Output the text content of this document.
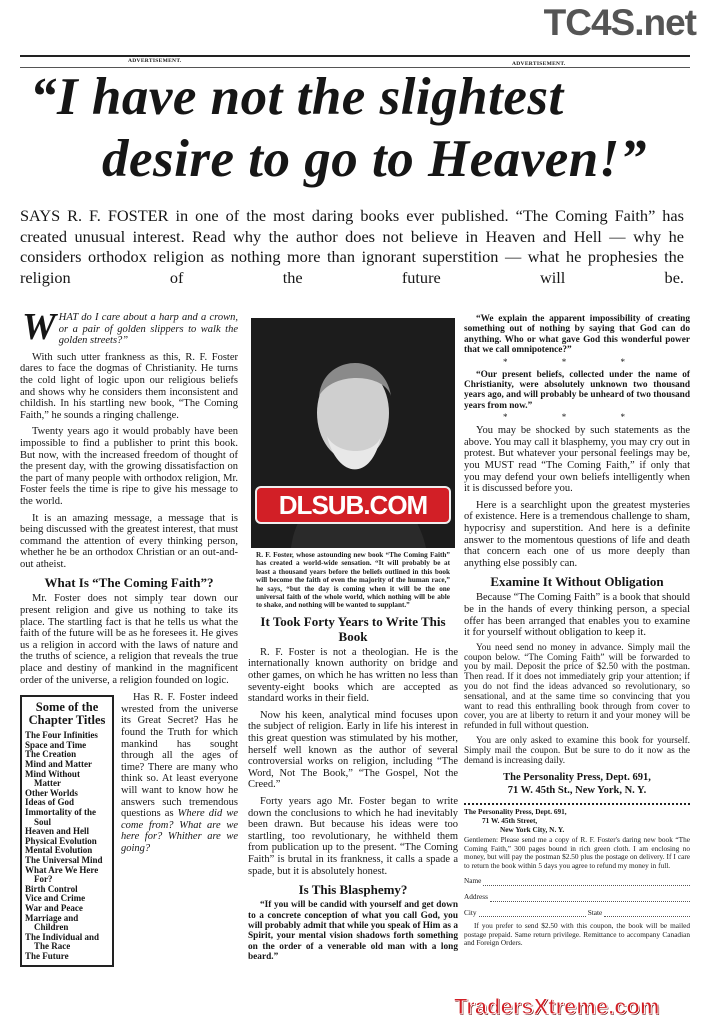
ADVERTISEMENT.	ADVERTISEMENT.
“I have not the slightest
desire to go to Heaven!”
SAYS R. F. FOSTER in one of the most daring books ever published. “The Coming Faith” has created unusual interest. Read why the author does not believe in Heaven and Hell — why he considers orthodox religion as nothing more than ignorant superstition — what he prophesies the religion of the future will be.

WHAT do I care about a harp and a crown, or a pair of golden slippers to walk the golden streets?”

With such utter frankness as this, R. F. Foster dares to face the dogmas of Christianity. He turns the cold light of logic upon our religious beliefs and shows why he considers them inconsistent and childish. In his startling new book, “The Coming Faith,” he sounds a ringing challenge.

Twenty years ago it would probably have been impossible to find a publisher to print this book. But now, with the increased freedom of thought of the present day, with the growing dissatisfaction on the part of many people with orthodox religion, Mr. Foster feels the time is ripe to give his message to the world.

It is an amazing message, a message that is being discussed with the greatest interest, that must command the attention of every thinking person, whether he be an orthodox Christian or an out-and-out atheist.

What Is “The Coming Faith”?

Mr. Foster does not simply tear down our present religion and give us nothing to take its place. The startling fact is that he tells us what the faith of the future will be as he foresees it. He gives us a religion in accord with the laws of nature and the truths of science, a religion that reveals the true place and destiny of mankind in the magnificent order of the universe, a religion founded on logic.

Some of the Chapter Titles
The Four Infinities
Space and Time
The Creation
Mind and Matter
Mind Without Matter
Other Worlds
Ideas of God
Immortality of the Soul
Heaven and Hell
Physical Evolution
Mental Evolution
The Universal Mind
What Are We Here For?
Birth Control
Vice and Crime
War and Peace
Marriage and Children
The Individual and The Race
The Future

Has R. F. Foster indeed wrested from the universe its Great Secret? Has he found the Truth for which mankind has sought through all the ages of time? There are many who think so. At least everyone will want to know how he answers such tremendous questions as Where did we come from? What are we here for? Whither are we going?

DLSUB.COM
R. F. Foster, whose astounding new book “The Coming Faith” has created a world-wide sensation. “It will probably be at least a thousand years before the beliefs outlined in this book will become the faith of even the majority of the human race,” he says, “but the day is coming when it will be the one universal faith of the whole world, which nothing will be able to shake, and nothing will be wanted to supplant.”
It Took Forty Years to Write This Book

R. F. Foster is not a theologian. He is the internationally known authority on bridge and other games, on which he has written no less than seventy-eight books which are accepted as standard works in their field.

Now his keen, analytical mind focuses upon the subject of religion. Early in life his interest in this great question was stimulated by his mother, herself well known as the author of several controversial works on religion, including “The Word, Not The Book,” “The Gospel, Not the Creed.”

Forty years ago Mr. Foster began to write down the conclusions to which he had inevitably been drawn. But because his ideas were too startling, too revolutionary, he withheld them from publication up to the present. “The Coming Faith” is brutal in its frankness, it calls a spade a spade, but it is absolutely honest.

Is This Blasphemy?

“If you will be candid with yourself and get down to a concrete conception of what you call God, you will probably admit that while you speak of Him as a Spirit, your mental vision shadows forth something on the order of a venerable old man with a long beard.”

“We explain the apparent impossibility of creating something out of nothing by saying that God can do anything. Who or what gave God this wonderful power that we call omnipotence?”

* * *

“Our present beliefs, collected under the name of Christianity, were absolutely unknown two thousand years ago, and will probably be unheard of two thousand years from now.”

* * *

You may be shocked by such statements as the above. You may call it blasphemy, you may cry out in protest. But whatever your personal feelings may be, you MUST read “The Coming Faith,” if only that you may defend your own beliefs intelligently when it is discussed before you.

Here is a searchlight upon the greatest mysteries of existence. Here is a tremendous challenge to sham, hypocrisy and superstition. And here is a definite answer to the momentous questions of life and death that concern each one of us more deeply than anything else possibly can.

Examine It Without Obligation

Because “The Coming Faith” is a book that should be in the hands of every thinking person, a special offer has been arranged that enables you to examine it for yourself without obligation to keep it.

You need send no money in advance. Simply mail the coupon below. “The Coming Faith” will be forwarded to you by mail. Deposit the price of $2.50 with the postman. Then read. If it does not immediately grip your attention; if you do not find the ideas advanced so revolutionary, so sensational, and at the same time so convincing that you want to read this enthralling book through from cover to cover, you are at liberty to return it and your money will be refunded in full without question.

You are only asked to examine this book for yourself. Simply mail the coupon. But be sure to do it now as the demand is increasing daily.

The Personality Press, Dept. 691,
71 W. 45th St., New York, N. Y.
The Personality Press, Dept. 691,
71 W. 45th Street,
New York City, N. Y.
Gentlemen: Please send me a copy of R. F. Foster's daring new book “The Coming Faith,” 300 pages bound in rich green cloth. I am enclosing no money, but will pay the postman $2.50 plus the postage on delivery. If I care to return the book within 5 days you agree to refund my money in full.
Name
Address
City	State
If you prefer to send $2.50 with this coupon, the book will be mailed postage prepaid. Same return privilege. Remittance to accompany Canadian and Foreign Orders.
TC4S.net
TradersXtreme.com
